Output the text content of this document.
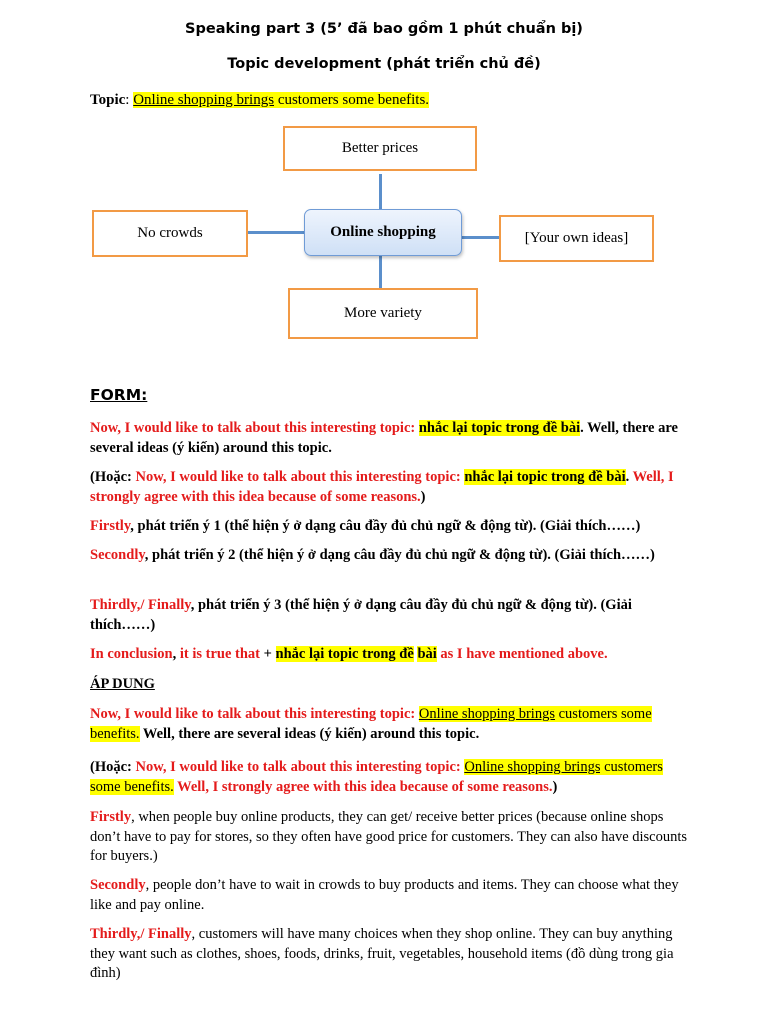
Speaking part 3 (5’ đã bao gồm 1 phút chuẩn bị)
Topic development (phát triển chủ đề)
Topic: Online shopping brings customers some benefits.
Better prices
No crowds	[Your own ideas]
More variety
Online shopping
FORM:
Now, I would like to talk about this interesting topic: nhắc lại topic trong đề bài. Well, there are several ideas (ý kiến) around this topic.
(Hoặc: Now, I would like to talk about this interesting topic: nhắc lại topic trong đề bài. Well, I strongly agree with this idea because of some reasons.)
Firstly, phát triển ý 1 (thể hiện ý ở dạng câu đầy đủ chủ ngữ & động từ). (Giải thích……)
Secondly, phát triển ý 2 (thể hiện ý ở dạng câu đầy đủ chủ ngữ & động từ). (Giải thích……)
Thirdly,/ Finally, phát triển ý 3 (thể hiện ý ở dạng câu đầy đủ chủ ngữ & động từ). (Giải thích……)
In conclusion, it is true that + nhắc lại topic trong đề bài as I have mentioned above.
ÁP DUNG
Now, I would like to talk about this interesting topic: Online shopping brings customers some benefits. Well, there are several ideas (ý kiến) around this topic.
(Hoặc: Now, I would like to talk about this interesting topic: Online shopping brings customers some benefits. Well, I strongly agree with this idea because of some reasons.)
Firstly, when people buy online products, they can get/ receive better prices (because online shops don’t have to pay for stores, so they often have good price for customers. They can also have discounts for buyers.)
Secondly, people don’t have to wait in crowds to buy products and items. They can choose what they like and pay online.
Thirdly,/ Finally, customers will have many choices when they shop online. They can buy anything they want such as clothes, shoes, foods, drinks, fruit, vegetables, household items (đồ dùng trong gia đình)
